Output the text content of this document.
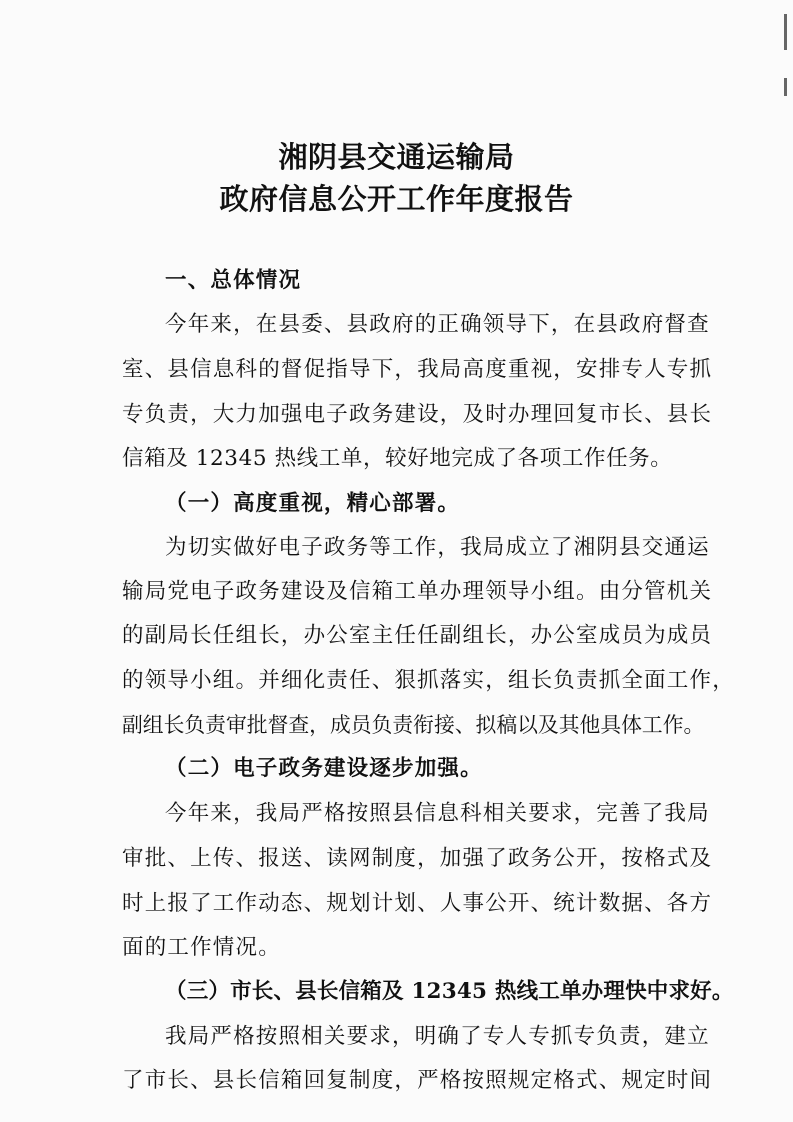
湘阴县交通运输局
政府信息公开工作年度报告
一、总体情况
今年来，在县委、县政府的正确领导下，在县政府督查
室、县信息科的督促指导下，我局高度重视，安排专人专抓
专负责，大力加强电子政务建设，及时办理回复市长、县长
信箱及 12345 热线工单，较好地完成了各项工作任务。
（一）高度重视，精心部署。
为切实做好电子政务等工作，我局成立了湘阴县交通运
输局党电子政务建设及信箱工单办理领导小组。由分管机关
的副局长任组长，办公室主任任副组长，办公室成员为成员
的领导小组。并细化责任、狠抓落实，组长负责抓全面工作，
副组长负责审批督查，成员负责衔接、拟稿以及其他具体工作。
（二）电子政务建设逐步加强。
今年来，我局严格按照县信息科相关要求，完善了我局
审批、上传、报送、读网制度，加强了政务公开，按格式及
时上报了工作动态、规划计划、人事公开、统计数据、各方
面的工作情况。
（三）市长、县长信箱及 12345 热线工单办理快中求好。
我局严格按照相关要求，明确了专人专抓专负责，建立
了市长、县长信箱回复制度，严格按照规定格式、规定时间
